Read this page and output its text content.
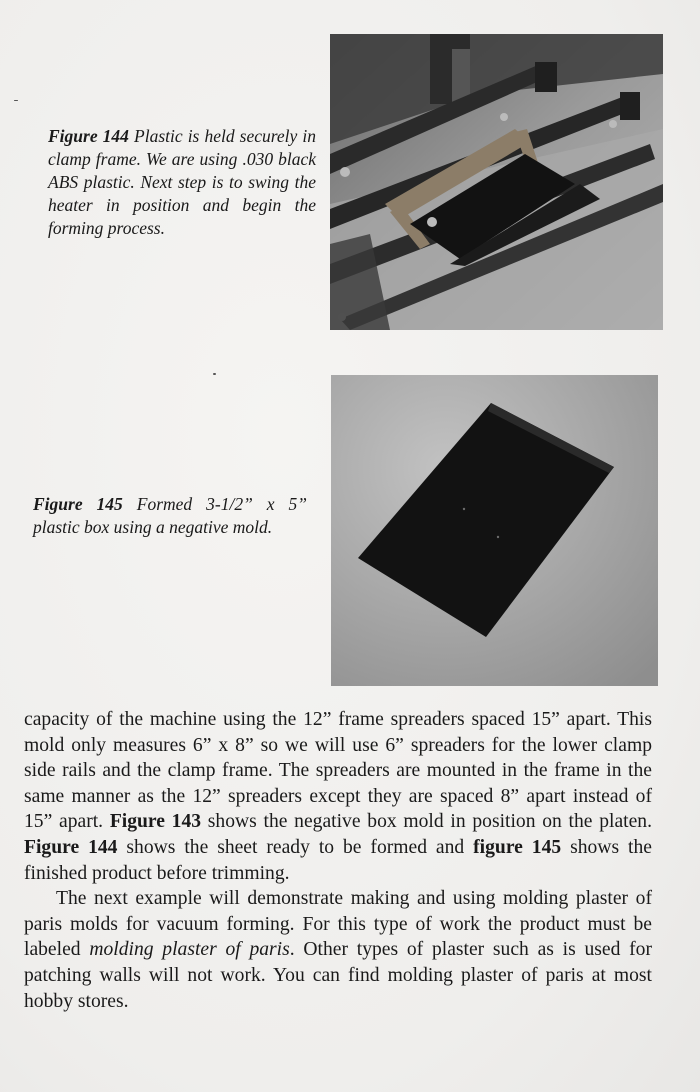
Figure 144 Plastic is held securely in clamp frame. We are using .030 black ABS plastic. Next step is to swing the heater in position and begin the forming process.
Figure 145 Formed 3-1/2” x 5” plastic box using a negative mold.

capacity of the machine using the 12” frame spreaders spaced 15” apart. This mold only measures 6” x 8” so we will use 6” spreaders for the lower clamp side rails and the clamp frame. The spreaders are mounted in the frame in the same manner as the 12” spreaders except they are spaced 8” apart instead of 15” apart. Figure 143 shows the negative box mold in position on the platen. Figure 144 shows the sheet ready to be formed and figure 145 shows the finished product before trimming.

The next example will demonstrate making and using molding plaster of paris molds for vacuum forming. For this type of work the product must be labeled molding plaster of paris. Other types of plaster such as is used for patching walls will not work. You can find molding plaster of paris at most hobby stores.
